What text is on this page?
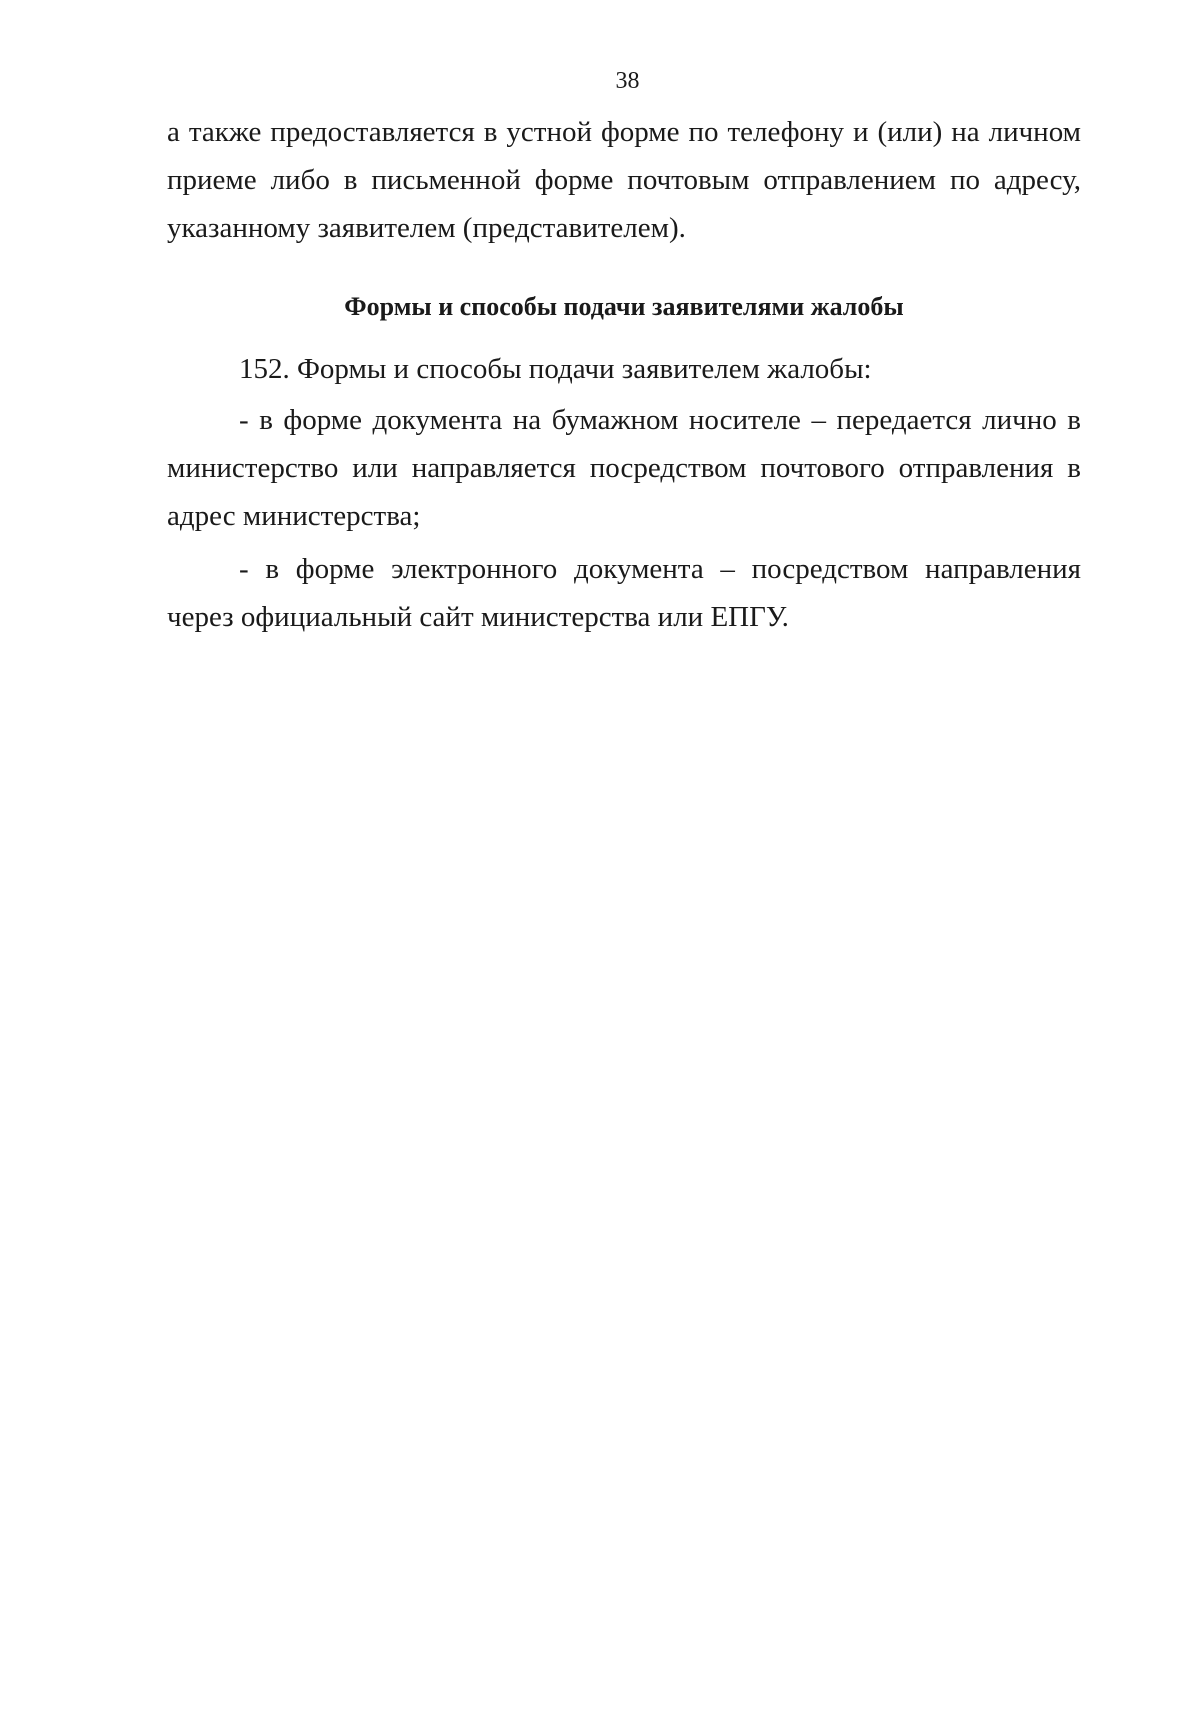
38

а также предоставляется в устной форме по телефону и (или) на личном приеме либо в письменной форме почтовым отправлением по адресу, указанному заявителем (представителем).

Формы и способы подачи заявителями жалобы

152. Формы и способы подачи заявителем жалобы:

- в форме документа на бумажном носителе – передается лично в министерство или направляется посредством почтового отправления в адрес министерства;

- в форме электронного документа – посредством направления через официальный сайт министерства или ЕПГУ.
